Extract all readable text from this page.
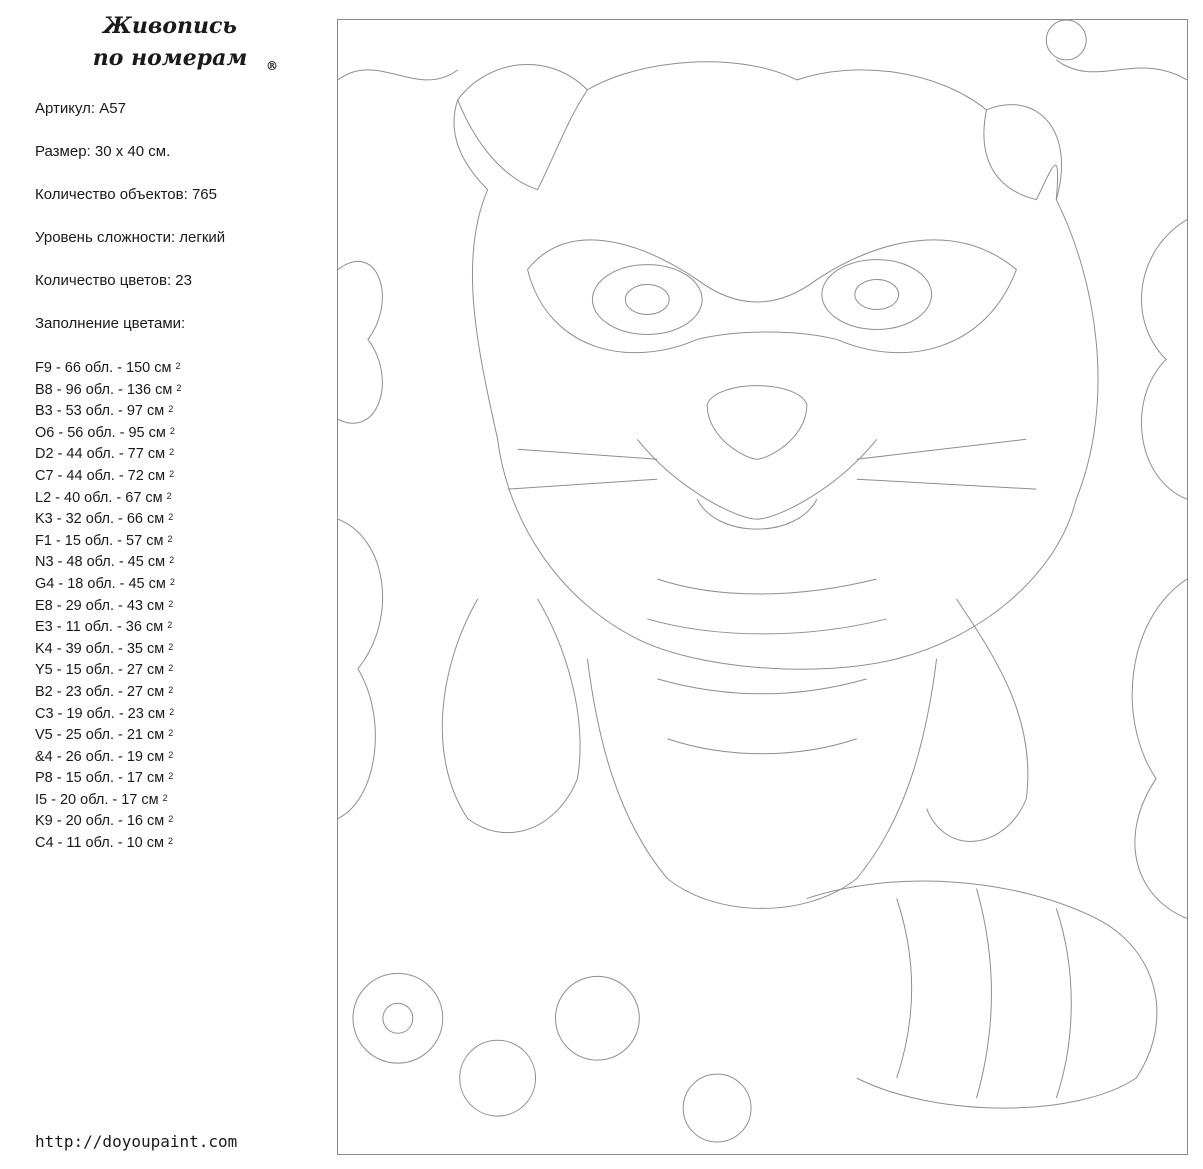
Живопись
по номерам	®
Артикул: A57
Размер: 30 x 40 см.
Количество объектов: 765
Уровень сложности: легкий
Количество цветов: 23
Заполнение цветами:
F9 - 66 обл. - 150 см $^2$
B8 - 96 обл. - 136 см $^2$
B3 - 53 обл. - 97 см $^2$
O6 - 56 обл. - 95 см $^2$
D2 - 44 обл. - 77 см $^2$
C7 - 44 обл. - 72 см $^2$
L2 - 40 обл. - 67 см $^2$
K3 - 32 обл. - 66 см $^2$
F1 - 15 обл. - 57 см $^2$
N3 - 48 обл. - 45 см $^2$
G4 - 18 обл. - 45 см $^2$
E8 - 29 обл. - 43 см $^2$
E3 - 11 обл. - 36 см $^2$
K4 - 39 обл. - 35 см $^2$
Y5 - 15 обл. - 27 см $^2$
B2 - 23 обл. - 27 см $^2$
C3 - 19 обл. - 23 см $^2$
V5 - 25 обл. - 21 см $^2$
&4 - 26 обл. - 19 см $^2$
P8 - 15 обл. - 17 см $^2$
I5 - 20 обл. - 17 см $^2$
K9 - 20 обл. - 16 см $^2$
C4 - 11 обл. - 10 см $^2$
http://doyoupaint.com
